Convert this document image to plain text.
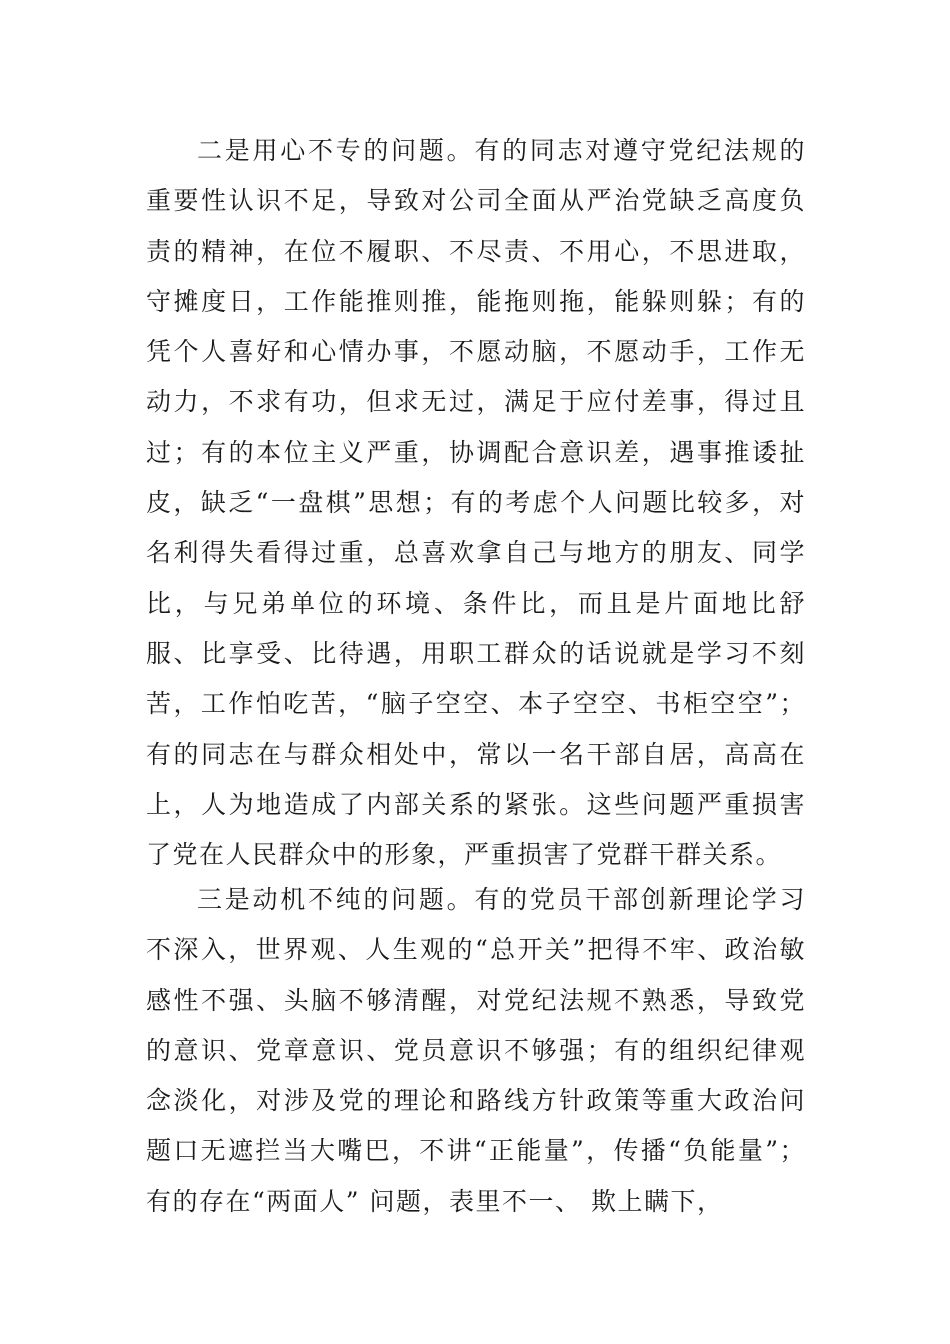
二是用心不专的问题。有的同志对遵守党纪法规的重要性认识不足，导致对公司全面从严治党缺乏高度负责的精神，在位不履职、不尽责、不用心，不思进取，守摊度日，工作能推则推，能拖则拖，能躲则躲；有的凭个人喜好和心情办事，不愿动脑，不愿动手，工作无动力，不求有功，但求无过，满足于应付差事，得过且过；有的本位主义严重，协调配合意识差，遇事推诿扯皮，缺乏“一盘棋”思想；有的考虑个人问题比较多，对名利得失看得过重，总喜欢拿自己与地方的朋友、同学比，与兄弟单位的环境、条件比，而且是片面地比舒服、比享受、比待遇，用职工群众的话说就是学习不刻苦，工作怕吃苦，“脑子空空、本子空空、书柜空空”；有的同志在与群众相处中，常以一名干部自居，高高在上，人为地造成了内部关系的紧张。这些问题严重损害了党在人民群众中的形象，严重损害了党群干群关系。

三是动机不纯的问题。有的党员干部创新理论学习不深入，世界观、人生观的“总开关”把得不牢、政治敏感性不强、头脑不够清醒，对党纪法规不熟悉，导致党的意识、党章意识、党员意识不够强；有的组织纪律观念淡化，对涉及党的理论和路线方针政策等重大政治问题口无遮拦当大嘴巴，不讲“正能量”，传播“负能量”；有的存在“两面人” 问题，表里不一、 欺上瞒下，
